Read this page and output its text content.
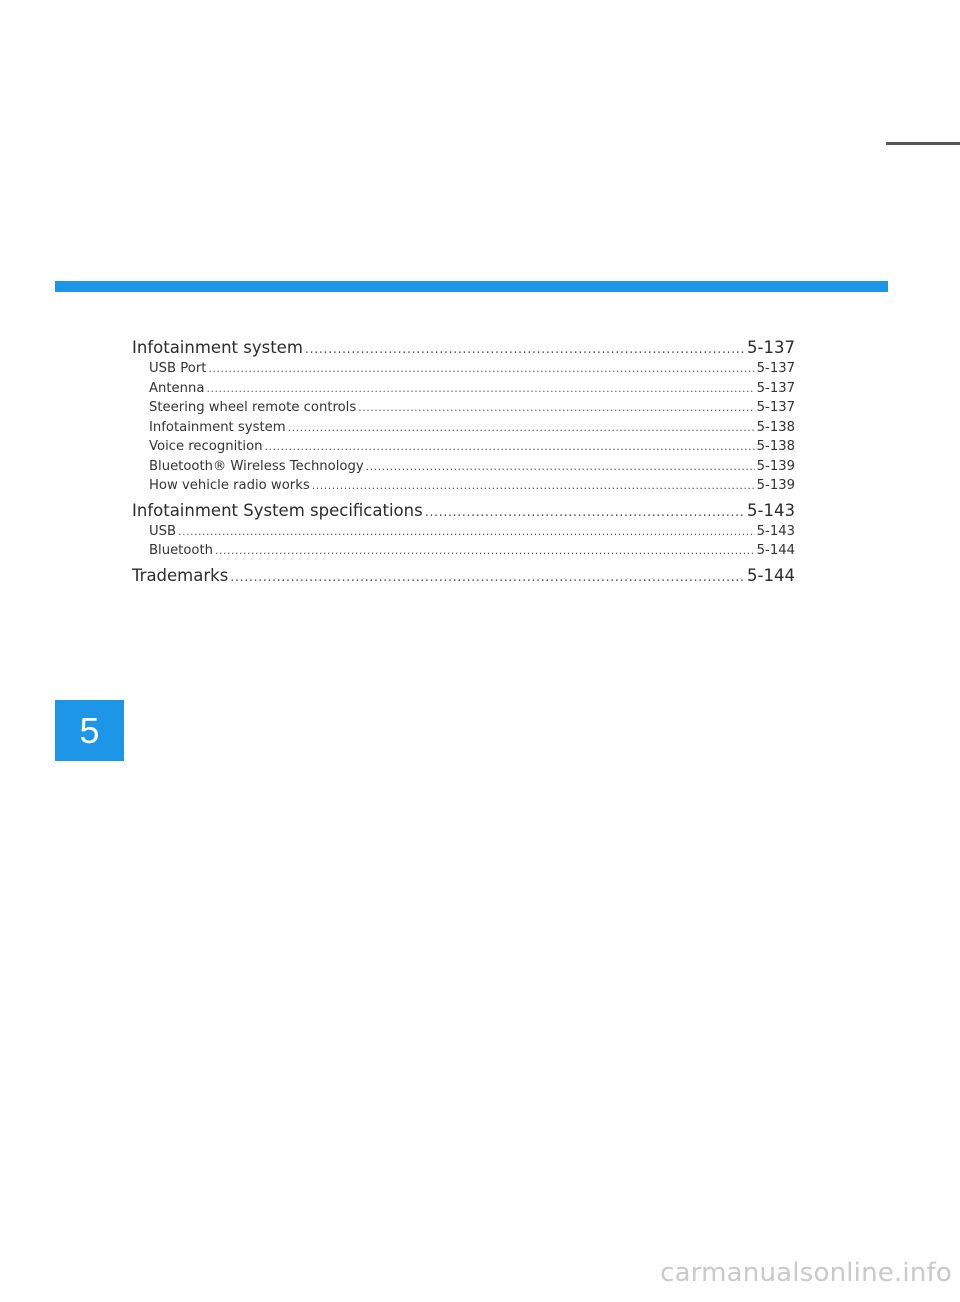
Infotainment system .....	5-137
USB Port .....	5-137
Antenna .....	5-137
Steering wheel remote controls .....	5-137
Infotainment system .....	5-138
Voice recognition .....	5-138
Bluetooth® Wireless Technology .....	5-139
How vehicle radio works .....	5-139
Infotainment System specifications .....	5-143
USB .....	5-143
Bluetooth .....	5-144
Trademarks .....	5-144
5
carmanualsonline.info
